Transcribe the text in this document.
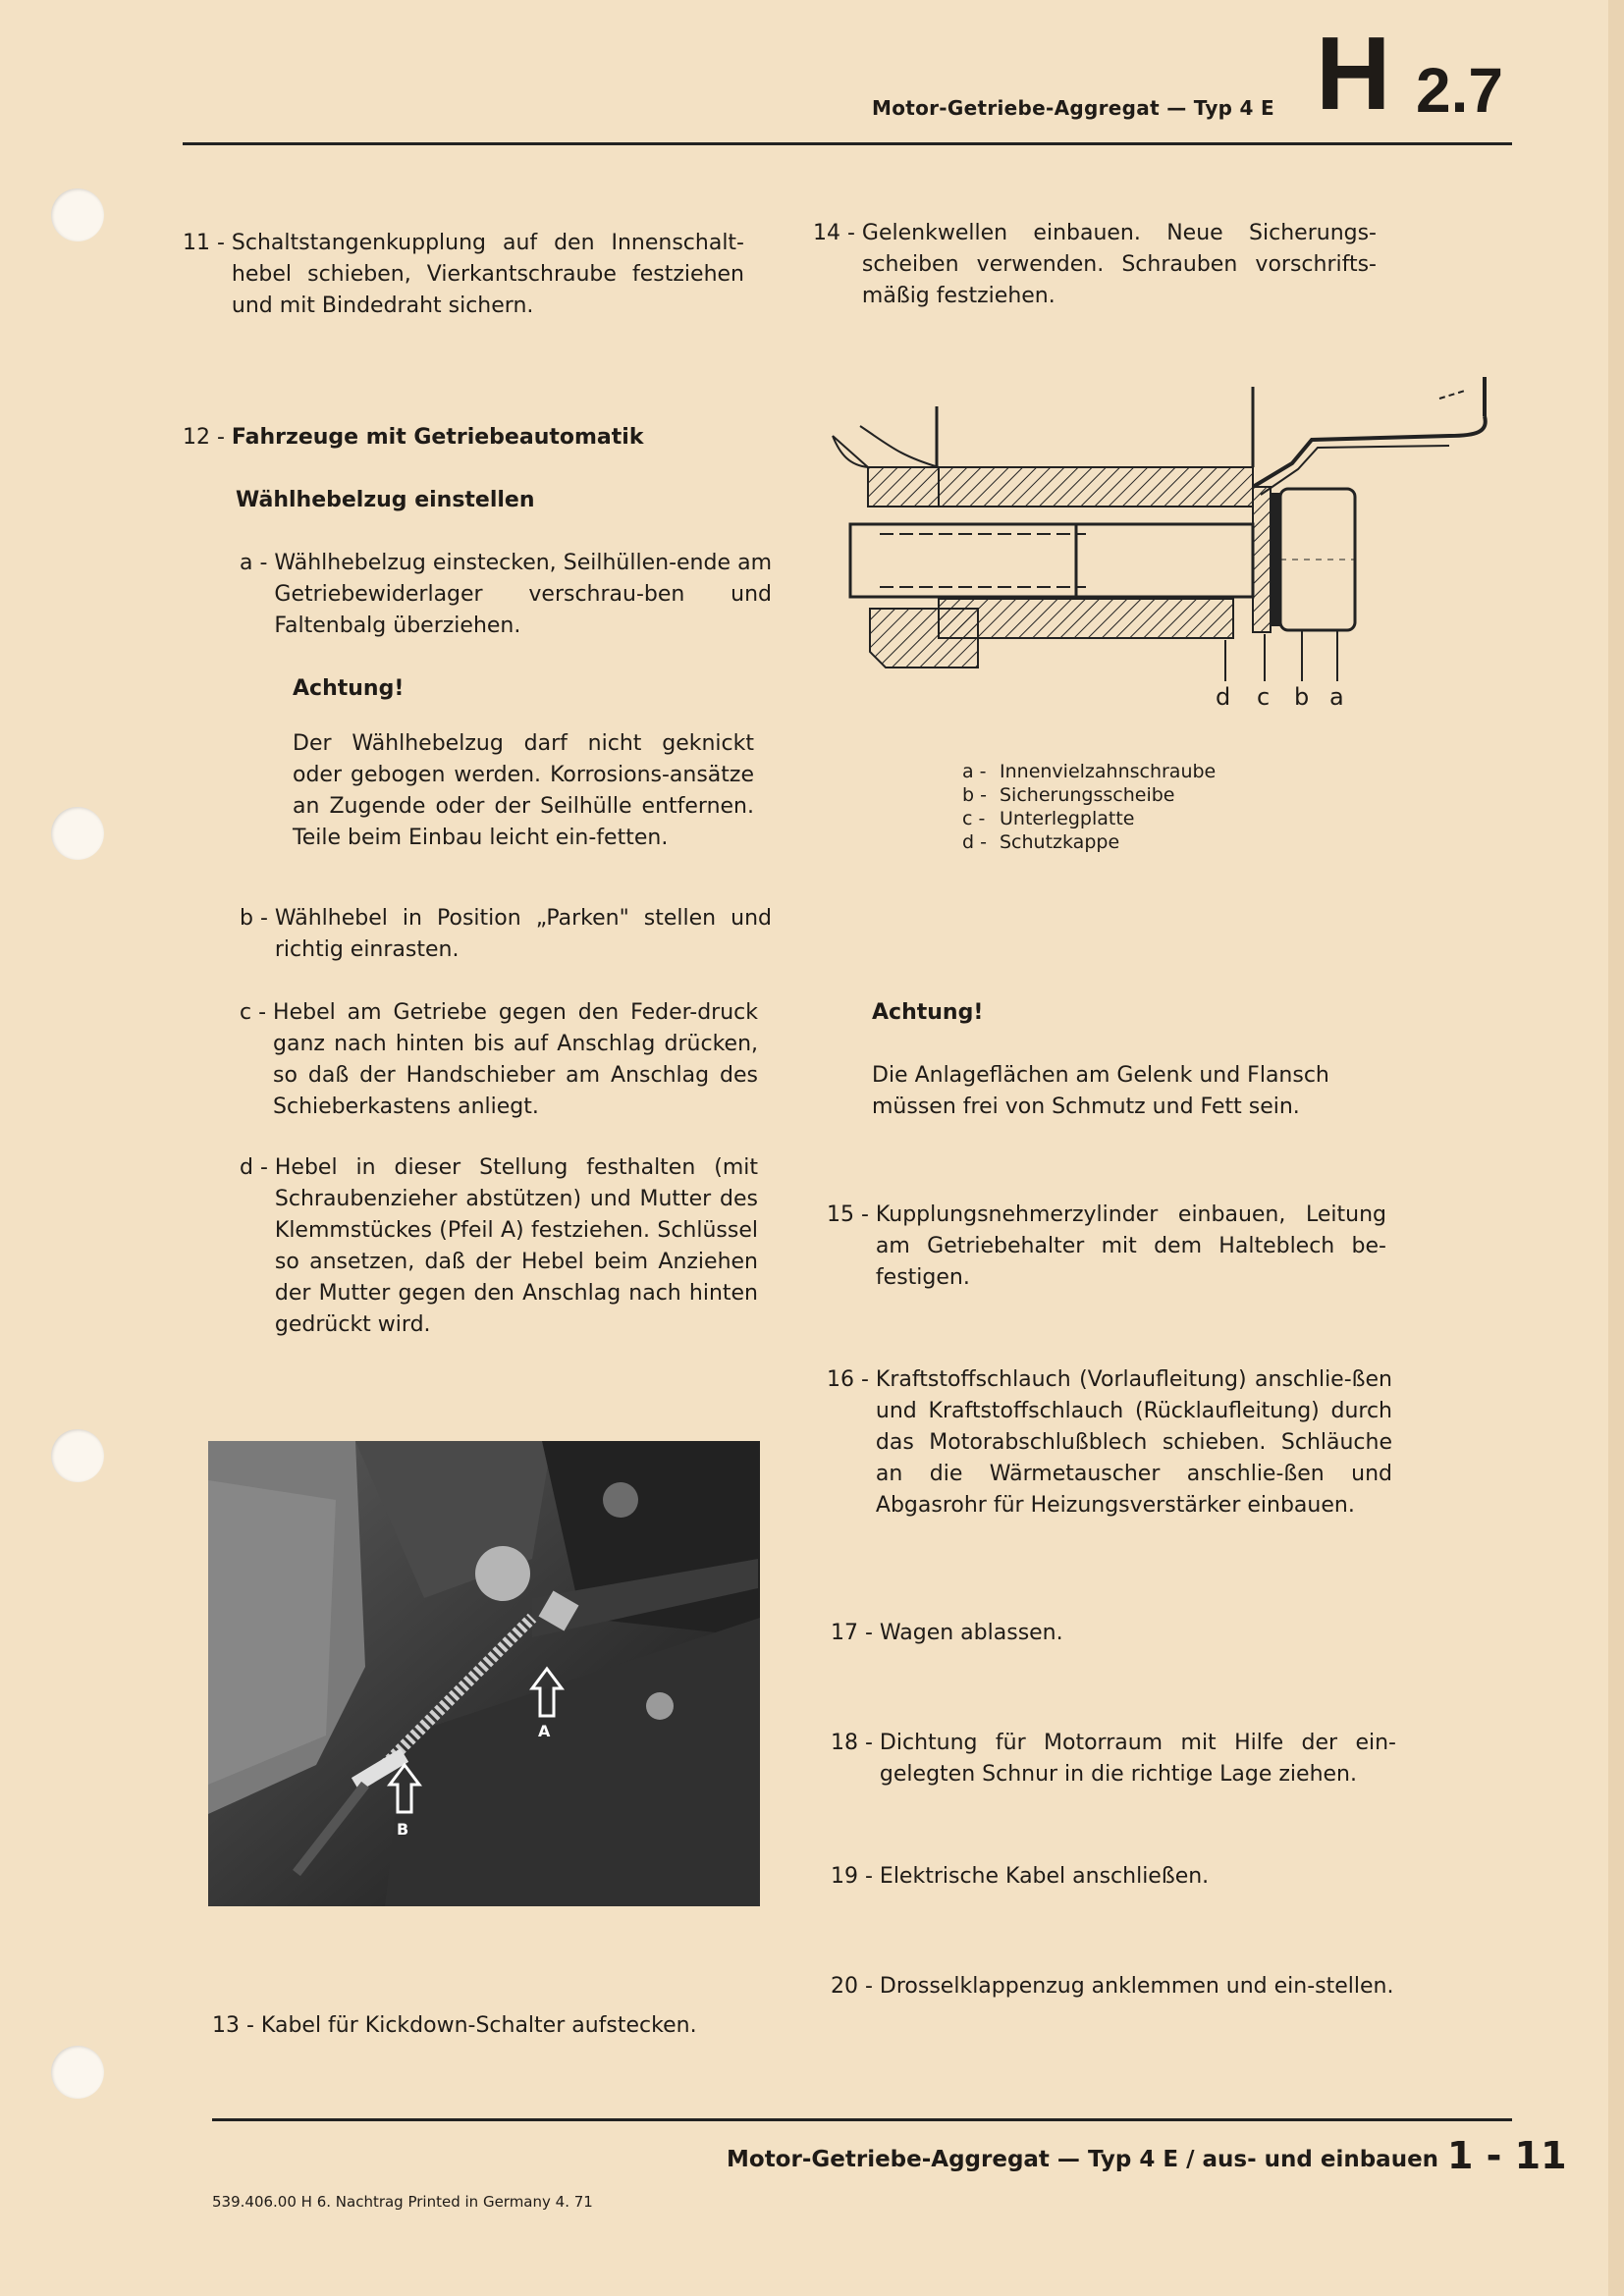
Motor-Getriebe-Aggregat — Typ 4 E H 2.7
11 - Schaltstangenkupplung auf den Innenschalt-hebel schieben, Vierkantschraube festziehen und mit Bindedraht sichern.
12 - Fahrzeuge mit Getriebeautomatik
Wählhebelzug einstellen
a - Wählhebelzug einstecken, Seilhüllen-ende am Getriebewiderlager verschrau-ben und Faltenbalg überziehen.
Achtung!
Der Wählhebelzug darf nicht geknickt oder gebogen werden. Korrosions-ansätze an Zugende oder der Seilhülle entfernen. Teile beim Einbau leicht ein-fetten.
b - Wählhebel in Position „Parken" stellen und richtig einrasten.
c - Hebel am Getriebe gegen den Feder-druck ganz nach hinten bis auf Anschlag drücken, so daß der Handschieber am Anschlag des Schieberkastens anliegt.
d - Hebel in dieser Stellung festhalten (mit Schraubenzieher abstützen) und Mutter des Klemmstückes (Pfeil A) festziehen. Schlüssel so ansetzen, daß der Hebel beim Anziehen der Mutter gegen den Anschlag nach hinten gedrückt wird.
A
B
13 - Kabel für Kickdown-Schalter aufstecken.
14 - Gelenkwellen einbauen. Neue Sicherungs-scheiben verwenden. Schrauben vorschrifts-mäßig festziehen.
d c b a
a - Innenvielzahnschraube
b - Sicherungsscheibe
c - Unterlegplatte
d - Schutzkappe
Achtung!
Die Anlageflächen am Gelenk und Flansch müssen frei von Schmutz und Fett sein.
15 - Kupplungsnehmerzylinder einbauen, Leitung am Getriebehalter mit dem Halteblech be-festigen.
16 - Kraftstoffschlauch (Vorlaufleitung) anschlie-ßen und Kraftstoffschlauch (Rücklaufleitung) durch das Motorabschlußblech schieben. Schläuche an die Wärmetauscher anschlie-ßen und Abgasrohr für Heizungsverstärker einbauen.
17 - Wagen ablassen.
18 - Dichtung für Motorraum mit Hilfe der ein-gelegten Schnur in die richtige Lage ziehen.
19 - Elektrische Kabel anschließen.
20 - Drosselklappenzug anklemmen und ein-stellen.
Motor-Getriebe-Aggregat — Typ 4 E / aus- und einbauen 1 - 11
539.406.00 H 6. Nachtrag Printed in Germany 4. 71
